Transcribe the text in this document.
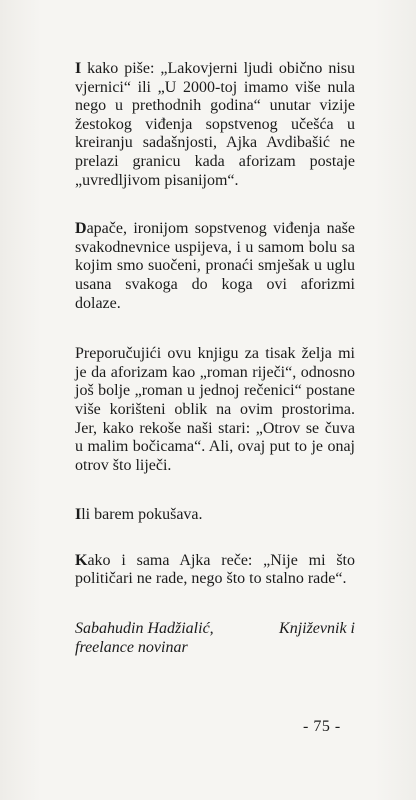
I kako piše: „Lakovjerni ljudi obično nisu vjernici“ ili „U 2000-toj imamo više nula nego u prethodnih godina“ unutar vizije žestokog viđenja sopstvenog učešća u kreiranju sadašnjosti, Ajka Avdibašić ne prelazi granicu kada aforizam postaje „uvredljivom pisanijom“.

Dapače, ironijom sopstvenog viđenja naše svakodnevnice uspijeva, i u samom bolu sa kojim smo suočeni, pronaći smješak u uglu usana svakoga do koga ovi aforizmi dolaze.

Preporučujići ovu knjigu za tisak želja mi je da aforizam kao „roman riječi“, odnosno još bolje „roman u jednoj rečenici“ postane više korišteni oblik na ovim prostorima. Jer, kako rekoše naši stari: „Otrov se čuva u malim bočicama“. Ali, ovaj put to je onaj otrov što liječi.

Ili barem pokušava.

Kako i sama Ajka reče: „Nije mi što političari ne rade, nego što to stalno rade“.

Sabahudin Hadžialić,	Književnik i
freelance novinar
- 75 -
